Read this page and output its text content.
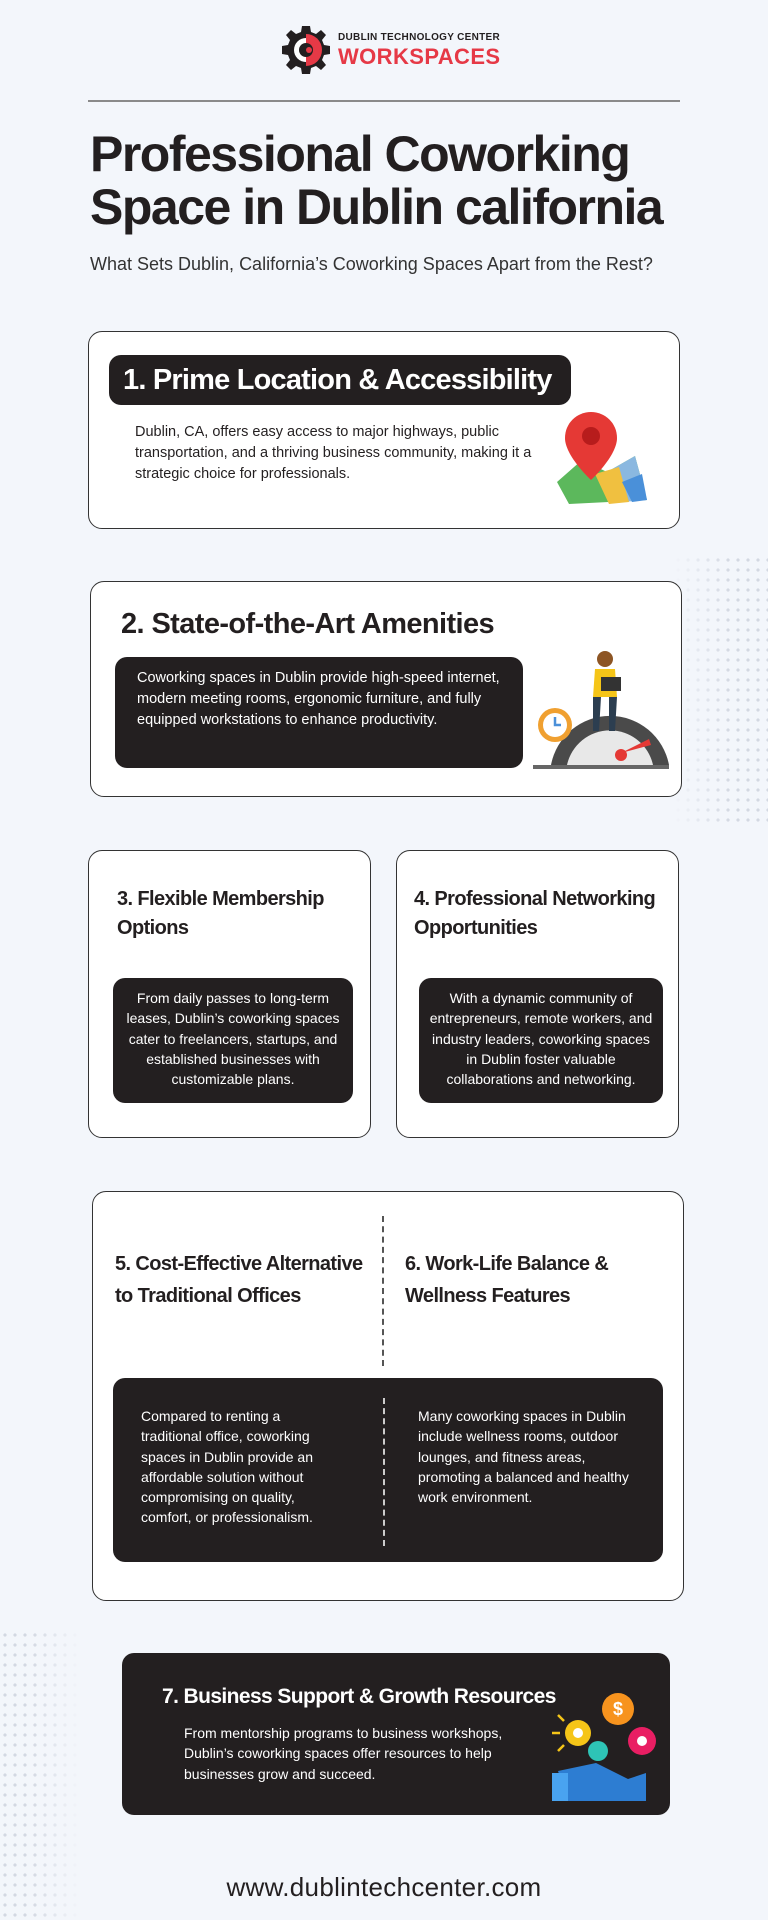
DUBLIN TECHNOLOGY CENTER
WORKSPACES
Professional Coworking Space in Dublin california

What Sets Dublin, California’s Coworking Spaces Apart from the Rest?

1. Prime Location & Accessibility

Dublin, CA, offers easy access to major highways, public transportation, and a thriving business community, making it a strategic choice for professionals.

2. State-of-the-Art Amenities

Coworking spaces in Dublin provide high-speed internet, modern meeting rooms, ergonomic furniture, and fully equipped workstations to enhance productivity.

3. Flexible Membership Options

From daily passes to long-term leases, Dublin’s coworking spaces cater to freelancers, startups, and established businesses with customizable plans.

4. Professional Networking Opportunities

With a dynamic community of entrepreneurs, remote workers, and industry leaders, coworking spaces in Dublin foster valuable collaborations and networking.

5. Cost-Effective Alternative to Traditional Offices
6. Work-Life Balance & Wellness Features

Compared to renting a traditional office, coworking spaces in Dublin provide an affordable solution without compromising on quality, comfort, or professionalism.

Many coworking spaces in Dublin include wellness rooms, outdoor lounges, and fitness areas, promoting a balanced and healthy work environment.

7. Business Support & Growth Resources

From mentorship programs to business workshops, Dublin’s coworking spaces offer resources to help businesses grow and succeed.

$
www.dublintechcenter.com
